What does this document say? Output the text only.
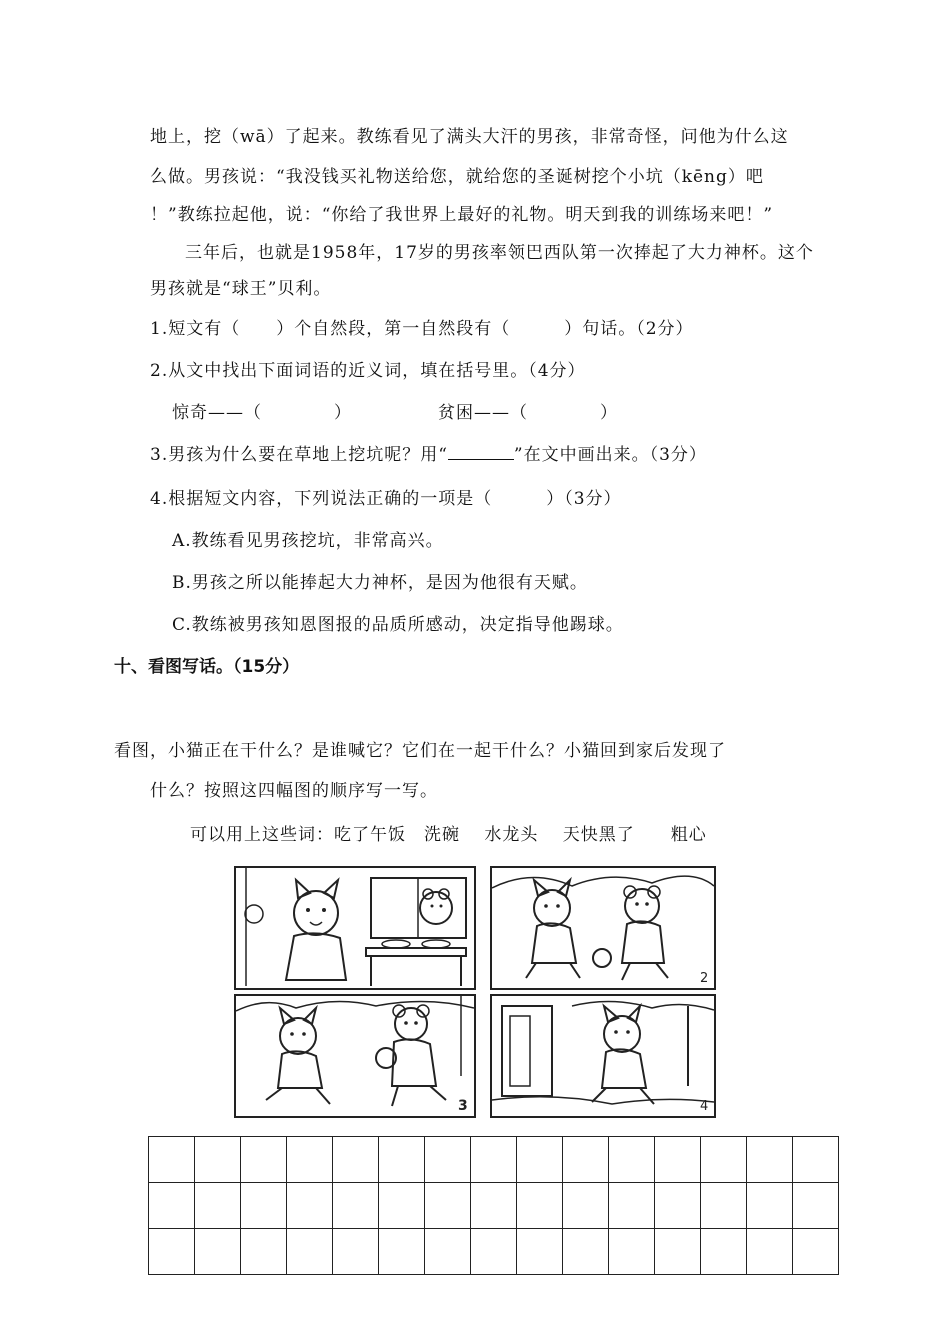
地上，挖（wā）了起来。教练看见了满头大汗的男孩，非常奇怪，问他为什么这
么做。男孩说：“我没钱买礼物送给您，就给您的圣诞树挖个小坑（kēng）吧
！”教练拉起他，说：“你给了我世界上最好的礼物。明天到我的训练场来吧！”
三年后，也就是1958年，17岁的男孩率领巴西队第一次捧起了大力神杯。这个
男孩就是“球王”贝利。
1.短文有（　　）个自然段，第一自然段有（　　　）句话。（2分）
2.从文中找出下面词语的近义词，填在括号里。（4分）
惊奇——（　　　　）	贫困——（　　　　）
3.男孩为什么要在草地上挖坑呢？用“	”在文中画出来。（3分）
4.根据短文内容，下列说法正确的一项是（　　　）（3分）
A.教练看见男孩挖坑，非常高兴。
B.男孩之所以能捧起大力神杯，是因为他很有天赋。
C.教练被男孩知恩图报的品质所感动，决定指导他踢球。
十、看图写话。（15分）
看图，小猫正在干什么？是谁喊它？它们在一起干什么？小猫回到家后发现了
什么？按照这四幅图的顺序写一写。
可以用上这些词：吃了午饭　洗碗　 水龙头　 天快黑了　　粗心
2
3	4
